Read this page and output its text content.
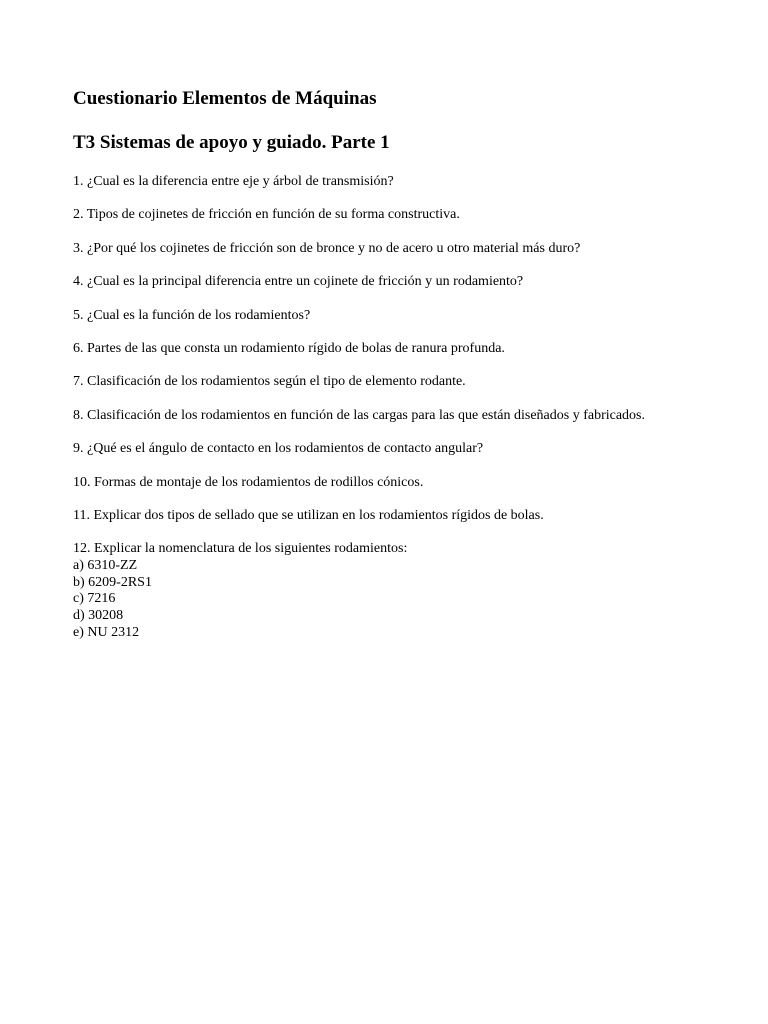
Cuestionario Elementos de Máquinas
T3 Sistemas de apoyo y guiado. Parte 1
1. ¿Cual es la diferencia entre eje y árbol de transmisión?
2. Tipos de cojinetes de fricción en función de su forma constructiva.
3. ¿Por qué los cojinetes de fricción son de bronce y no de acero u otro material más duro?
4. ¿Cual es la principal diferencia entre un cojinete de fricción y un rodamiento?
5. ¿Cual es la función de los rodamientos?
6. Partes de las que consta un rodamiento rígido de bolas de ranura profunda.
7. Clasificación de los rodamientos según el tipo de elemento rodante.
8. Clasificación de los rodamientos en función de las cargas para las que están diseñados y fabricados.
9. ¿Qué es el ángulo de contacto en los rodamientos de contacto angular?
10. Formas de montaje de los rodamientos de rodillos cónicos.
11. Explicar dos tipos de sellado que se utilizan en los rodamientos rígidos de bolas.
12. Explicar la nomenclatura de los siguientes rodamientos:
a) 6310-ZZ
b) 6209-2RS1
c) 7216
d) 30208
e) NU 2312
